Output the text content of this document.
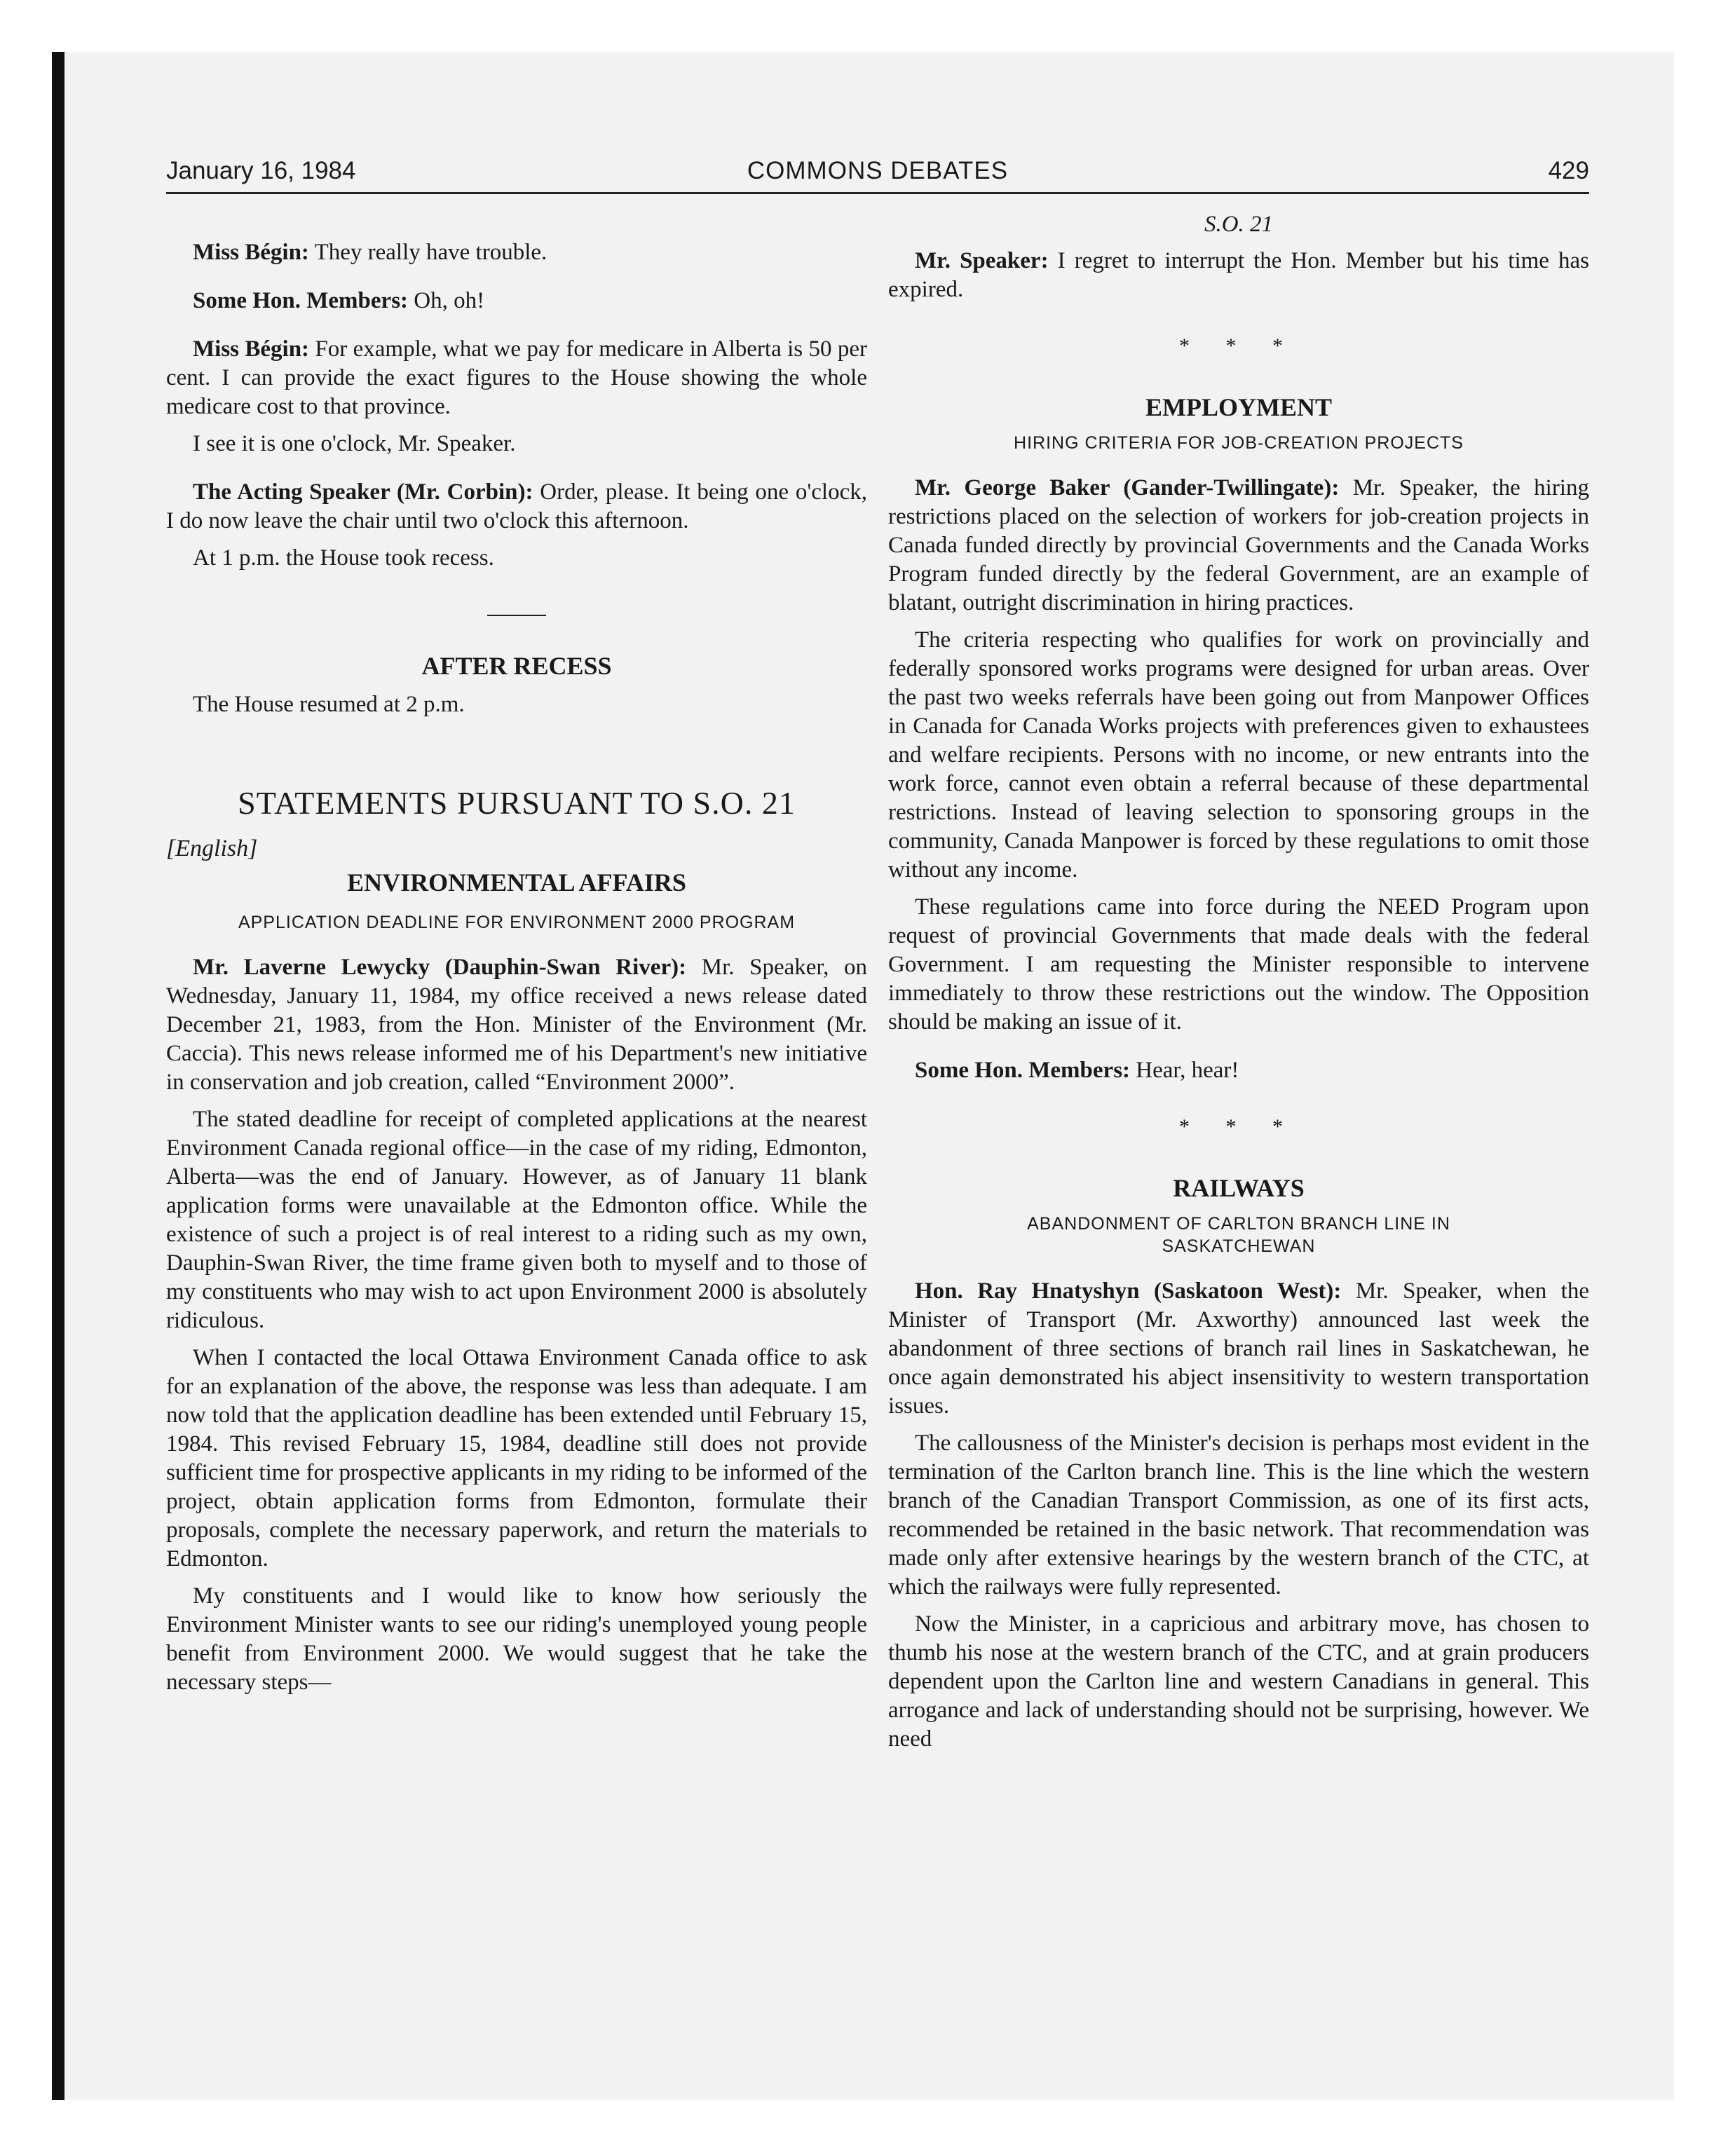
January 16, 1984	COMMONS DEBATES	429

Miss Bégin: They really have trouble.

Some Hon. Members: Oh, oh!

Miss Bégin: For example, what we pay for medicare in Alberta is 50 per cent. I can provide the exact figures to the House showing the whole medicare cost to that province.

I see it is one o'clock, Mr. Speaker.

The Acting Speaker (Mr. Corbin): Order, please. It being one o'clock, I do now leave the chair until two o'clock this afternoon.

At 1 p.m. the House took recess.

AFTER RECESS

The House resumed at 2 p.m.

STATEMENTS PURSUANT TO S.O. 21
[English]
ENVIRONMENTAL AFFAIRS
APPLICATION DEADLINE FOR ENVIRONMENT 2000 PROGRAM

Mr. Laverne Lewycky (Dauphin-Swan River): Mr. Speaker, on Wednesday, January 11, 1984, my office received a news release dated December 21, 1983, from the Hon. Minister of the Environment (Mr. Caccia). This news release informed me of his Department's new initiative in conservation and job creation, called “Environment 2000”.

The stated deadline for receipt of completed applications at the nearest Environment Canada regional office—in the case of my riding, Edmonton, Alberta—was the end of January. However, as of January 11 blank application forms were unavailable at the Edmonton office. While the existence of such a project is of real interest to a riding such as my own, Dauphin-Swan River, the time frame given both to myself and to those of my constituents who may wish to act upon Environment 2000 is absolutely ridiculous.

When I contacted the local Ottawa Environment Canada office to ask for an explanation of the above, the response was less than adequate. I am now told that the application deadline has been extended until February 15, 1984. This revised February 15, 1984, deadline still does not provide sufficient time for prospective applicants in my riding to be informed of the project, obtain application forms from Edmonton, formulate their proposals, complete the necessary paperwork, and return the materials to Edmonton.

My constituents and I would like to know how seriously the Environment Minister wants to see our riding's unemployed young people benefit from Environment 2000. We would suggest that he take the necessary steps—

S.O. 21

Mr. Speaker: I regret to interrupt the Hon. Member but his time has expired.

* * *
EMPLOYMENT
HIRING CRITERIA FOR JOB-CREATION PROJECTS

Mr. George Baker (Gander-Twillingate): Mr. Speaker, the hiring restrictions placed on the selection of workers for job-creation projects in Canada funded directly by provincial Governments and the Canada Works Program funded directly by the federal Government, are an example of blatant, outright discrimination in hiring practices.

The criteria respecting who qualifies for work on provincially and federally sponsored works programs were designed for urban areas. Over the past two weeks referrals have been going out from Manpower Offices in Canada for Canada Works projects with preferences given to exhaustees and welfare recipients. Persons with no income, or new entrants into the work force, cannot even obtain a referral because of these departmental restrictions. Instead of leaving selection to sponsoring groups in the community, Canada Manpower is forced by these regulations to omit those without any income.

These regulations came into force during the NEED Program upon request of provincial Governments that made deals with the federal Government. I am requesting the Minister responsible to intervene immediately to throw these restrictions out the window. The Opposition should be making an issue of it.

Some Hon. Members: Hear, hear!

* * *
RAILWAYS
ABANDONMENT OF CARLTON BRANCH LINE IN
SASKATCHEWAN

Hon. Ray Hnatyshyn (Saskatoon West): Mr. Speaker, when the Minister of Transport (Mr. Axworthy) announced last week the abandonment of three sections of branch rail lines in Saskatchewan, he once again demonstrated his abject insensitivity to western transportation issues.

The callousness of the Minister's decision is perhaps most evident in the termination of the Carlton branch line. This is the line which the western branch of the Canadian Transport Commission, as one of its first acts, recommended be retained in the basic network. That recommendation was made only after extensive hearings by the western branch of the CTC, at which the railways were fully represented.

Now the Minister, in a capricious and arbitrary move, has chosen to thumb his nose at the western branch of the CTC, and at grain producers dependent upon the Carlton line and western Canadians in general. This arrogance and lack of understanding should not be surprising, however. We need
